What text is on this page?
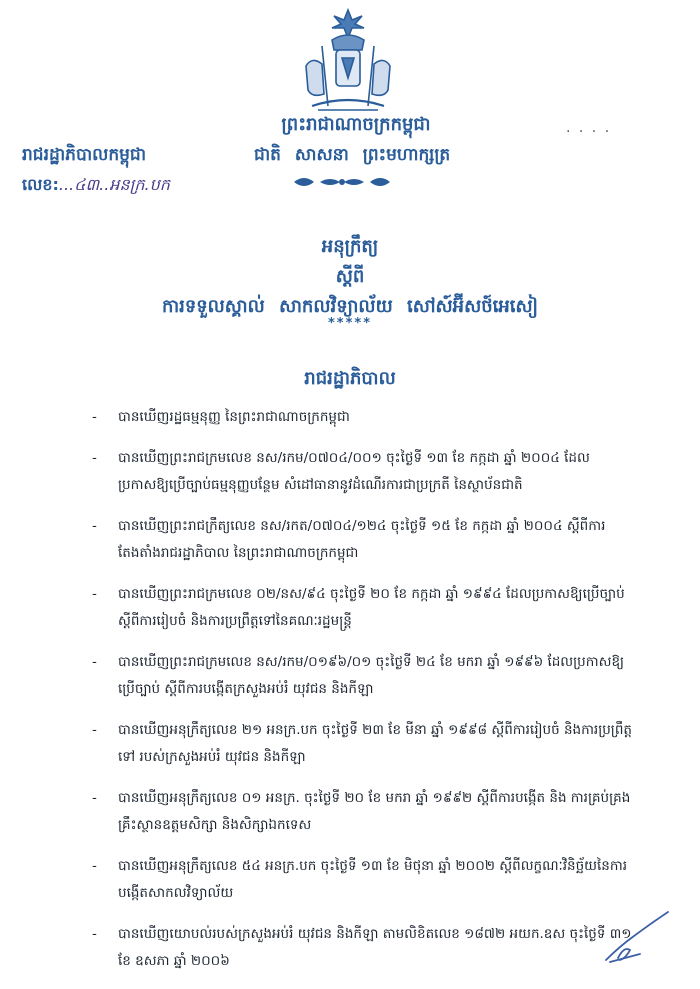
ព្រះរាជាណាចក្រកម្ពុជា	. . . .
រាជរដ្ឋាភិបាលកម្ពុជា	ជាតិ សាសនា ព្រះមហាក្សត្រ
លេខ:...៤៣..អនក្រ.បក
អនុក្រឹត្យ
ស្តីពី
ការទទួលស្គាល់ សាកលវិទ្យាល័យ សៅស៍អ៊ីសថ៍អេសៀ
*****
រាជរដ្ឋាភិបាល
-	បានឃើញរដ្ឋធម្មនុញ្ញ នៃព្រះរាជាណាចក្រកម្ពុជា
-	បានឃើញព្រះរាជក្រមលេខ នស/រកម/០៧០៤/០០១ ចុះថ្ងៃទី ១៣ ខែ កក្កដា ឆ្នាំ ២០០៤ ដែលប្រកាសឱ្យប្រើច្បាប់ធម្មនុញ្ញបន្ថែម សំដៅធានានូវដំណើរការជាប្រក្រតី នៃស្ថាប័នជាតិ
-	បានឃើញព្រះរាជក្រឹត្យលេខ នស/រកត/០៧០៤/១២៤ ចុះថ្ងៃទី ១៥ ខែ កក្កដា ឆ្នាំ ២០០៤ ស្តីពីការតែងតាំងរាជរដ្ឋាភិបាល នៃព្រះរាជាណាចក្រកម្ពុជា
-	បានឃើញព្រះរាជក្រមលេខ ០២/នស/៩៤ ចុះថ្ងៃទី ២០ ខែ កក្កដា ឆ្នាំ ១៩៩៤ ដែលប្រកាសឱ្យប្រើច្បាប់ ស្តីពីការរៀបចំ និងការប្រព្រឹត្តទៅនៃគណៈរដ្ឋមន្ត្រី
-	បានឃើញព្រះរាជក្រមលេខ នស/រកម/០១៩៦/០១ ចុះថ្ងៃទី ២៤ ខែ មករា ឆ្នាំ ១៩៩៦ ដែលប្រកាសឱ្យប្រើច្បាប់ ស្តីពីការបង្កើតក្រសួងអប់រំ យុវជន និងកីឡា
-	បានឃើញអនុក្រឹត្យលេខ ២១ អនក្រ.បក ចុះថ្ងៃទី ២៣ ខែ មីនា ឆ្នាំ ១៩៩៨ ស្តីពីការរៀបចំ និងការប្រព្រឹត្តទៅ របស់ក្រសួងអប់រំ យុវជន និងកីឡា
-	បានឃើញអនុក្រឹត្យលេខ ០១ អនក្រ. ចុះថ្ងៃទី ២០ ខែ មករា ឆ្នាំ ១៩៩២ ស្តីពីការបង្កើត និង ការគ្រប់គ្រងគ្រឹះស្ថានឧត្តមសិក្សា និងសិក្សាឯកទេស
-	បានឃើញអនុក្រឹត្យលេខ ៥៤ អនក្រ.បក ចុះថ្ងៃទី ១៣ ខែ មិថុនា ឆ្នាំ ២០០២ ស្តីពីលក្ខណៈវិនិច្ឆ័យនៃការបង្កើតសាកលវិទ្យាល័យ
-	បានឃើញយោបល់របស់ក្រសួងអប់រំ យុវជន និងកីឡា តាមលិខិតលេខ ១៨៧២ អយក.ឧស ចុះថ្ងៃទី ៣១ ខែ ឧសភា ឆ្នាំ ២០០៦
